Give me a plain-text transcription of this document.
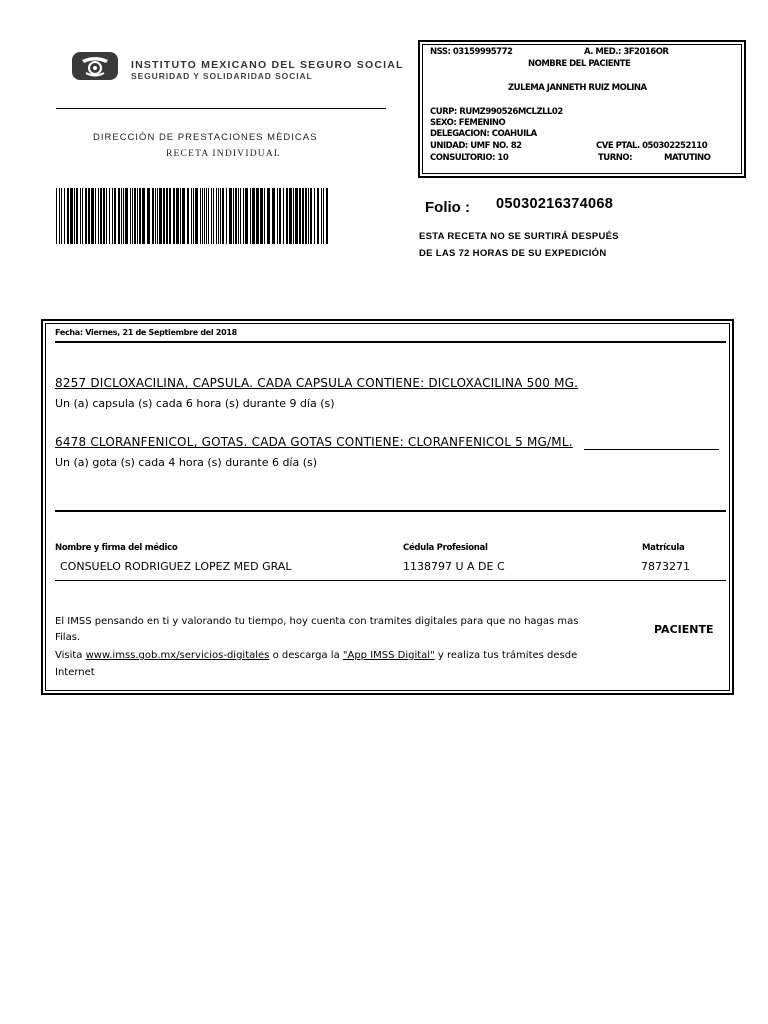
INSTITUTO MEXICANO DEL SEGURO SOCIAL
SEGURIDAD Y SOLIDARIDAD SOCIAL
DIRECCIÒN DE PRESTACIONES MÈDICAS
RECETA INDIVIDUAL
NSS: 03159995772	A. MED.: 3F2016OR
NOMBRE DEL PACIENTE
ZULEMA JANNETH RUIZ MOLINA
CURP: RUMZ990526MCLZLL02
SEXO: FEMENINO
DELEGACION: COAHUILA
UNIDAD: UMF NO. 82	CVE PTAL. 050302252110
CONSULTORIO: 10	TURNO:	MATUTINO
Folio : 05030216374068
ESTA RECETA NO SE SURTIRÁ DESPUÉS
DE LAS 72 HORAS DE SU EXPEDICIÓN
Fecha: Viernes, 21 de Septiembre del 2018
8257 DICLOXACILINA, CAPSULA. CADA CAPSULA CONTIENE: DICLOXACILINA 500 MG.
Un (a) capsula (s) cada 6 hora (s) durante 9 día (s)
6478 CLORANFENICOL, GOTAS. CADA GOTAS CONTIENE: CLORANFENICOL 5 MG/ML.
Un (a) gota (s) cada 4 hora (s) durante 6 día (s)
Nombre y firma del médico	Cédula Profesional	Matrícula
CONSUELO RODRIGUEZ LOPEZ MED GRAL	1138797 U A DE C	7873271
El IMSS pensando en ti y valorando tu tiempo, hoy cuenta con tramites digitales para que no hagas mas
Filas.
Visita www.imss.gob.mx/servicios-digitales o descarga la "App IMSS Digital" y realiza tus trámites desde
Internet
PACIENTE
